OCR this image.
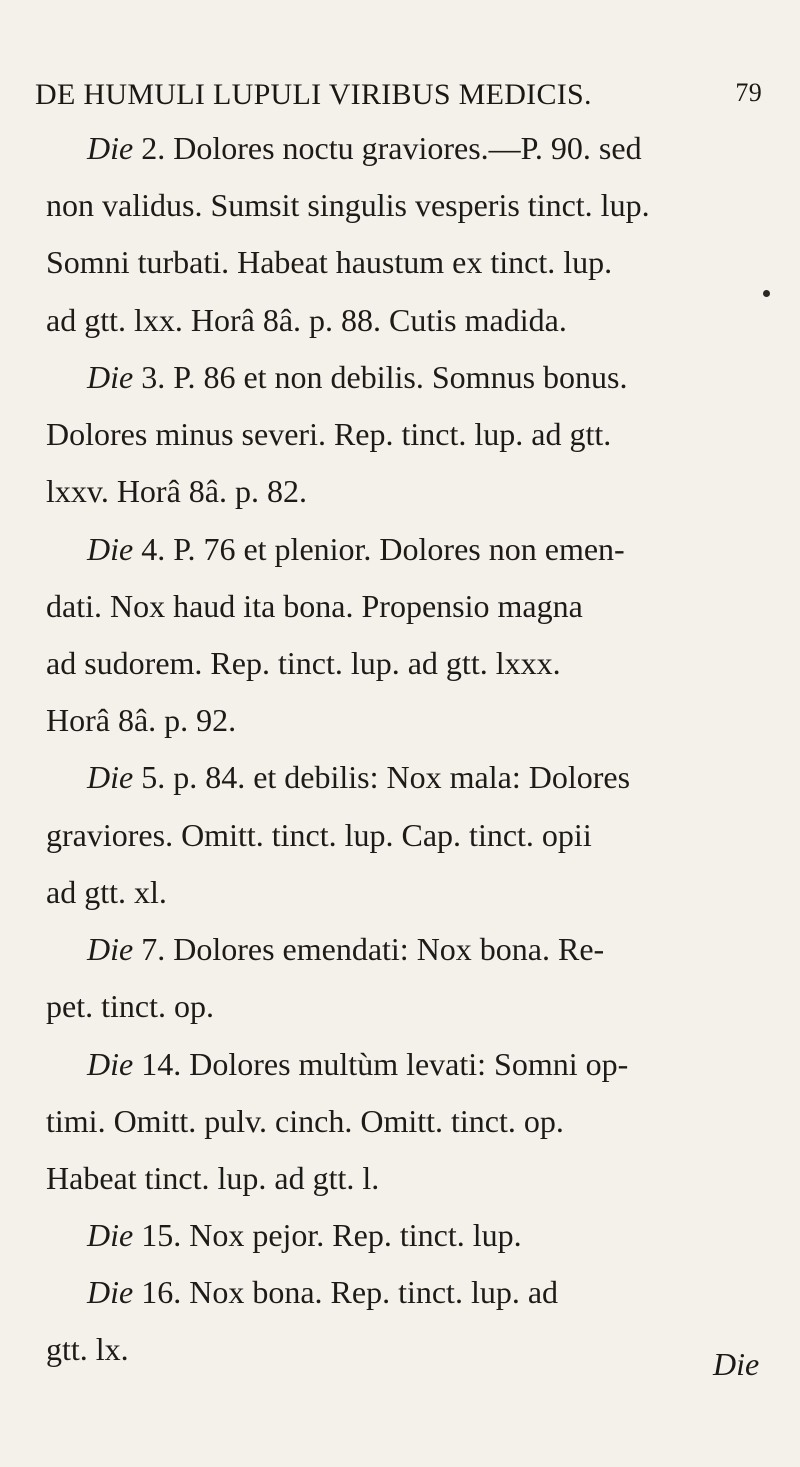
DE HUMULI LUPULI VIRIBUS MEDICIS.	79
Die 2. Dolores noctu graviores.—P. 90. sed
non validus. Sumsit singulis vesperis tinct. lup.
Somni turbati. Habeat haustum ex tinct. lup.
ad gtt. lxx. Horâ 8â. p. 88. Cutis madida.
Die 3. P. 86 et non debilis. Somnus bonus.
Dolores minus severi. Rep. tinct. lup. ad gtt.
lxxv. Horâ 8â. p. 82.
Die 4. P. 76 et plenior. Dolores non emen-
dati. Nox haud ita bona. Propensio magna
ad sudorem. Rep. tinct. lup. ad gtt. lxxx.
Horâ 8â. p. 92.
Die 5. p. 84. et debilis: Nox mala: Dolores
graviores. Omitt. tinct. lup. Cap. tinct. opii
ad gtt. xl.
Die 7. Dolores emendati: Nox bona. Re-
pet. tinct. op.
Die 14. Dolores multùm levati: Somni op-
timi. Omitt. pulv. cinch. Omitt. tinct. op.
Habeat tinct. lup. ad gtt. l.
Die 15. Nox pejor. Rep. tinct. lup.
Die 16. Nox bona. Rep. tinct. lup. ad
gtt. lx.	Die
